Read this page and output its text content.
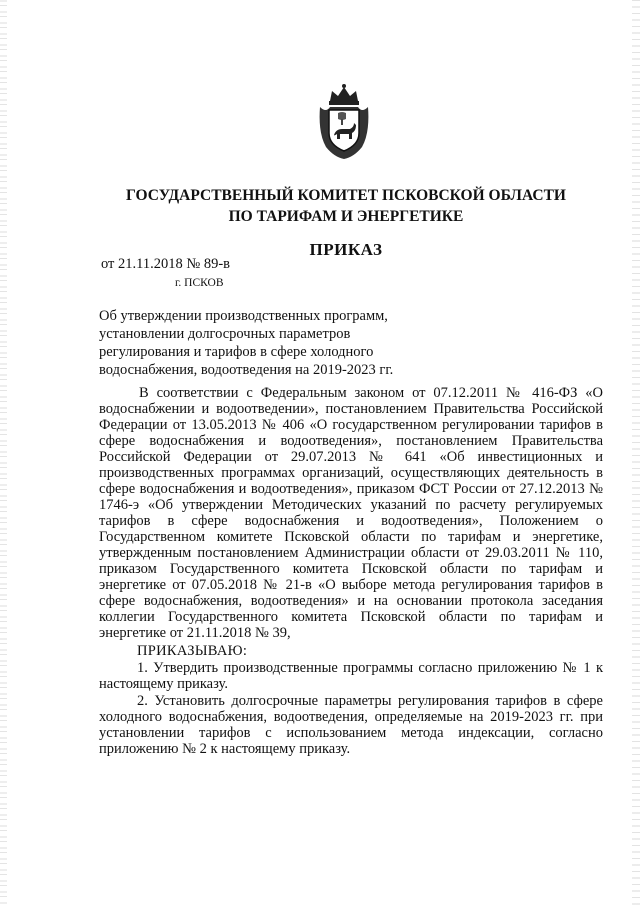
ГОСУДАРСТВЕННЫЙ КОМИТЕТ ПСКОВСКОЙ ОБЛАСТИ
ПО ТАРИФАМ И ЭНЕРГЕТИКЕ
ПРИКАЗ
от 21.11.2018 № 89-в
г. ПСКОВ
Об утверждении производственных программ,
установлении долгосрочных параметров
регулирования и тарифов в сфере холодного
водоснабжения, водоотведения на 2019-2023 гг.

В соответствии с Федеральным законом от 07.12.2011 № 416-ФЗ «О водоснабжении и водоотведении», постановлением Правительства Российской Федерации от 13.05.2013 № 406 «О государственном регулировании тарифов в сфере водоснабжения и водоотведения», постановлением Правительства Российской Федерации от 29.07.2013 № 641 «Об инвестиционных и производственных программах организаций, осуществляющих деятельность в сфере водоснабжения и водоотведения», приказом ФСТ России от 27.12.2013 № 1746-э «Об утверждении Методических указаний по расчету регулируемых тарифов в сфере водоснабжения и водоотведения», Положением о Государственном комитете Псковской области по тарифам и энергетике, утвержденным постановлением Администрации области от 29.03.2011 № 110, приказом Государственного комитета Псковской области по тарифам и энергетике от 07.05.2018 № 21-в «О выборе метода регулирования тарифов в сфере водоснабжения, водоотведения» и на основании протокола заседания коллегии Государственного комитета Псковской области по тарифам и энергетике от 21.11.2018 № 39,

ПРИКАЗЫВАЮ:

1. Утвердить производственные программы согласно приложению № 1 к настоящему приказу.

2. Установить долгосрочные параметры регулирования тарифов в сфере холодного водоснабжения, водоотведения, определяемые на 2019-2023 гг. при установлении тарифов с использованием метода индексации, согласно приложению № 2 к настоящему приказу.
